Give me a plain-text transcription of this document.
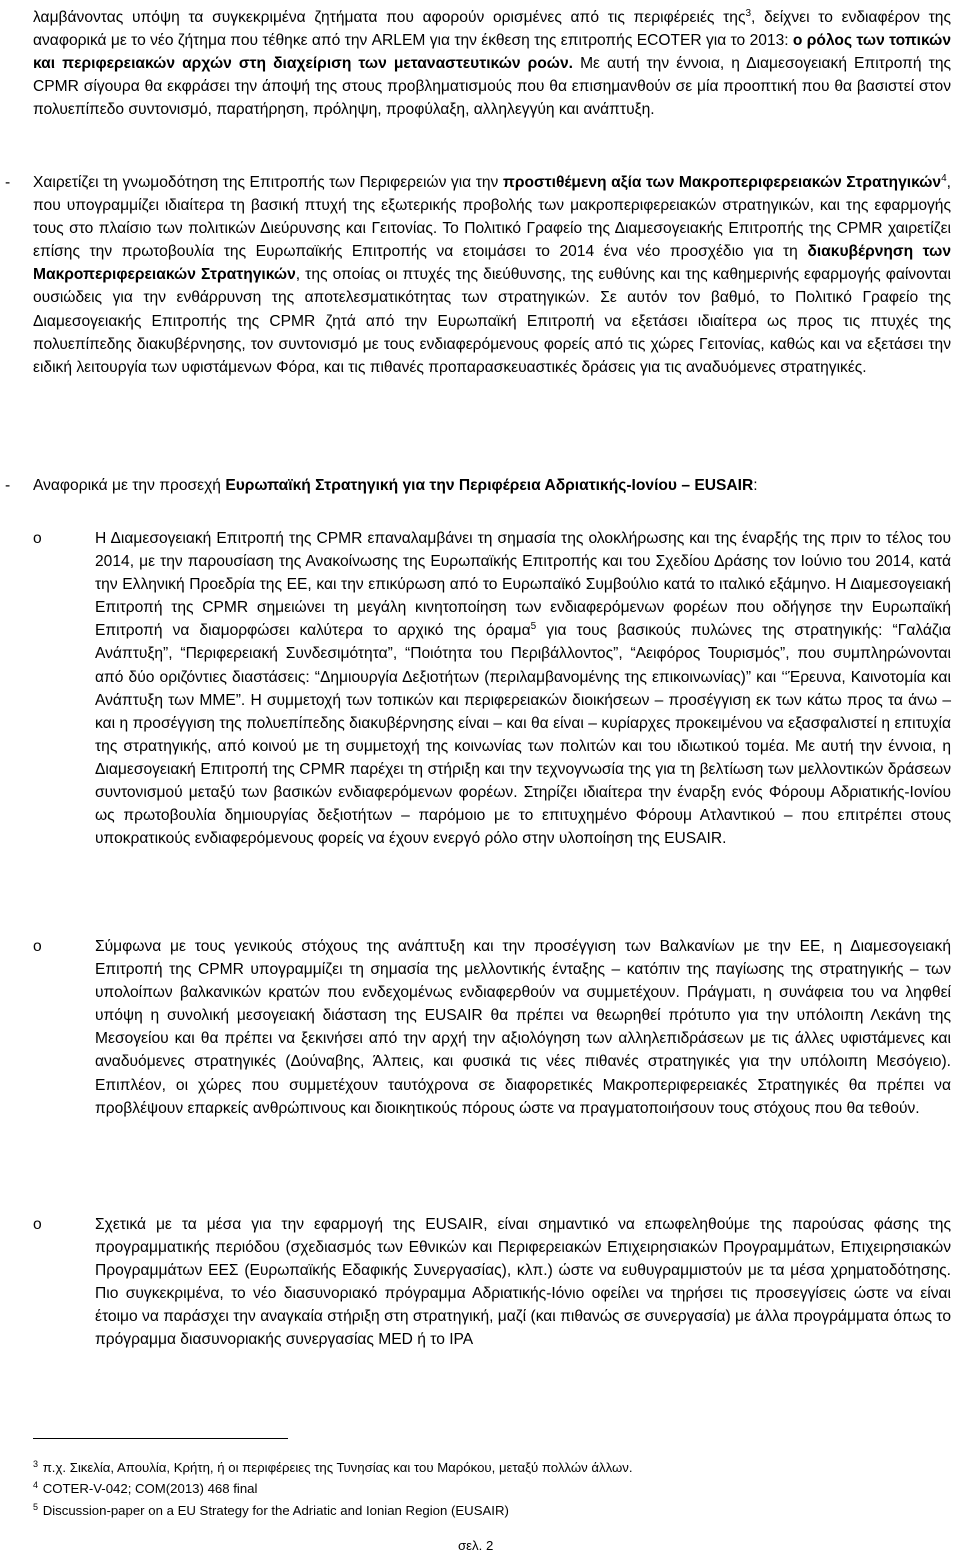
λαμβάνοντας υπόψη τα συγκεκριμένα ζητήματα που αφορούν ορισμένες από τις περιφέρειές της$^3$, δείχνει το ενδιαφέρον της αναφορικά με το νέο ζήτημα που τέθηκε από την ARLEM για την έκθεση της επιτροπής ECOTER για το 2013: ο ρόλος των τοπικών και περιφερειακών αρχών στη διαχείριση των μεταναστευτικών ροών. Με αυτή την έννοια, η Διαμεσογειακή Επιτροπή της CPMR σίγουρα θα εκφράσει την άποψή της στους προβληματισμούς που θα επισημανθούν σε μία προοπτική που θα βασιστεί στον πολυεπίπεδο συντονισμό, παρατήρηση, πρόληψη, προφύλαξη, αλληλεγγύη και ανάπτυξη.

- Χαιρετίζει τη γνωμοδότηση της Επιτροπής των Περιφερειών για την προστιθέμενη αξία των Μακροπεριφερειακών Στρατηγικών$^4$, που υπογραμμίζει ιδιαίτερα τη βασική πτυχή της εξωτερικής προβολής των μακροπεριφερειακών στρατηγικών, και της εφαρμογής τους στο πλαίσιο των πολιτικών Διεύρυνσης και Γειτονίας. Το Πολιτικό Γραφείο της Διαμεσογειακής Επιτροπής της CPMR χαιρετίζει επίσης την πρωτοβουλία της Ευρωπαϊκής Επιτροπής να ετοιμάσει το 2014 ένα νέο προσχέδιο για τη διακυβέρνηση των Μακροπεριφερειακών Στρατηγικών, της οποίας οι πτυχές της διεύθυνσης, της ευθύνης και της καθημερινής εφαρμογής φαίνονται ουσιώδεις για την ενθάρρυνση της αποτελεσματικότητας των στρατηγικών. Σε αυτόν τον βαθμό, το Πολιτικό Γραφείο της Διαμεσογειακής Επιτροπής της CPMR ζητά από την Ευρωπαϊκή Επιτροπή να εξετάσει ιδιαίτερα ως προς τις πτυχές της πολυεπίπεδης διακυβέρνησης, τον συντονισμό με τους ενδιαφερόμενους φορείς από τις χώρες Γειτονίας, καθώς και να εξετάσει την ειδική λειτουργία των υφιστάμενων Φόρα, και τις πιθανές προπαρασκευαστικές δράσεις για τις αναδυόμενες στρατηγικές.

- Αναφορικά με την προσεχή Ευρωπαϊκή Στρατηγική για την Περιφέρεια Αδριατικής-Ιονίου – EUSAIR:

o	Η Διαμεσογειακή Επιτροπή της CPMR επαναλαμβάνει τη σημασία της ολοκλήρωσης και της έναρξής της πριν το τέλος του 2014, με την παρουσίαση της Ανακοίνωσης της Ευρωπαϊκής Επιτροπής και του Σχεδίου Δράσης τον Ιούνιο του 2014, κατά την Ελληνική Προεδρία της ΕΕ, και την επικύρωση από το Ευρωπαϊκό Συμβούλιο κατά το ιταλικό εξάμηνο. Η Διαμεσογειακή Επιτροπή της CPMR σημειώνει τη μεγάλη κινητοποίηση των ενδιαφερόμενων φορέων που οδήγησε την Ευρωπαϊκή Επιτροπή να διαμορφώσει καλύτερα το αρχικό της όραμα$^5$ για τους βασικούς πυλώνες της στρατηγικής: “Γαλάζια Ανάπτυξη”, “Περιφερειακή Συνδεσιμότητα”, “Ποιότητα του Περιβάλλοντος”, “Αειφόρος Τουρισμός”, που συμπληρώνονται από δύο οριζόντιες διαστάσεις: “Δημιουργία Δεξιοτήτων (περιλαμβανομένης της επικοινωνίας)” και ‘‘Έρευνα, Καινοτομία και Ανάπτυξη των ΜΜΕ”. Η συμμετοχή των τοπικών και περιφερειακών διοικήσεων – προσέγγιση εκ των κάτω προς τα άνω – και η προσέγγιση της πολυεπίπεδης διακυβέρνησης είναι – και θα είναι – κυρίαρχες προκειμένου να εξασφαλιστεί η επιτυχία της στρατηγικής, από κοινού με τη συμμετοχή της κοινωνίας των πολιτών και του ιδιωτικού τομέα. Με αυτή την έννοια, η Διαμεσογειακή Επιτροπή της CPMR παρέχει τη στήριξη και την τεχνογνωσία της για τη βελτίωση των μελλοντικών δράσεων συντονισμού μεταξύ των βασικών ενδιαφερόμενων φορέων. Στηρίζει ιδιαίτερα την έναρξη ενός Φόρουμ Αδριατικής-Ιονίου ως πρωτοβουλία δημιουργίας δεξιοτήτων – παρόμοιο με το επιτυχημένο Φόρουμ Ατλαντικού – που επιτρέπει στους υποκρατικούς ενδιαφερόμενους φορείς να έχουν ενεργό ρόλο στην υλοποίηση της EUSAIR.

o	Σύμφωνα με τους γενικούς στόχους της ανάπτυξη και την προσέγγιση των Βαλκανίων με την ΕΕ, η Διαμεσογειακή Επιτροπή της CPMR υπογραμμίζει τη σημασία της μελλοντικής ένταξης – κατόπιν της παγίωσης της στρατηγικής – των υπολοίπων βαλκανικών κρατών που ενδεχομένως ενδιαφερθούν να συμμετέχουν. Πράγματι, η συνάφεια του να ληφθεί υπόψη η συνολική μεσογειακή διάσταση της EUSAIR θα πρέπει να θεωρηθεί πρότυπο για την υπόλοιπη Λεκάνη της Μεσογείου και θα πρέπει να ξεκινήσει από την αρχή την αξιολόγηση των αλληλεπιδράσεων με τις άλλες υφιστάμενες και αναδυόμενες στρατηγικές (Δούναβης, Άλπεις, και φυσικά τις νέες πιθανές στρατηγικές για την υπόλοιπη Μεσόγειο). Επιπλέον, οι χώρες που συμμετέχουν ταυτόχρονα σε διαφορετικές Μακροπεριφερειακές Στρατηγικές θα πρέπει να προβλέψουν επαρκείς ανθρώπινους και διοικητικούς πόρους ώστε να πραγματοποιήσουν τους στόχους που θα τεθούν.

o	Σχετικά με τα μέσα για την εφαρμογή της EUSAIR, είναι σημαντικό να επωφεληθούμε της παρούσας φάσης της προγραμματικής περιόδου (σχεδιασμός των Εθνικών και Περιφερειακών Επιχειρησιακών Προγραμμάτων, Επιχειρησιακών Προγραμμάτων ΕΕΣ (Ευρωπαϊκής Εδαφικής Συνεργασίας), κλπ.) ώστε να ευθυγραμμιστούν με τα μέσα χρηματοδότησης. Πιο συγκεκριμένα, το νέο διασυνοριακό πρόγραμμα Αδριατικής-Ιόνιο οφείλει να τηρήσει τις προσεγγίσεις ώστε να είναι έτοιμο να παράσχει την αναγκαία στήριξη στη στρατηγική, μαζί (και πιθανώς σε συνεργασία) με άλλα προγράμματα όπως το πρόγραμμα διασυνοριακής συνεργασίας MED ή το IPA

$^3$ π.χ. Σικελία, Απουλία, Κρήτη, ή οι περιφέρειες της Τυνησίας και του Μαρόκου, μεταξύ πολλών άλλων.
$^4$ COTER-V-042; COM(2013) 468 final
$^5$ Discussion-paper on a EU Strategy for the Adriatic and Ionian Region (EUSAIR)
σελ. 2
